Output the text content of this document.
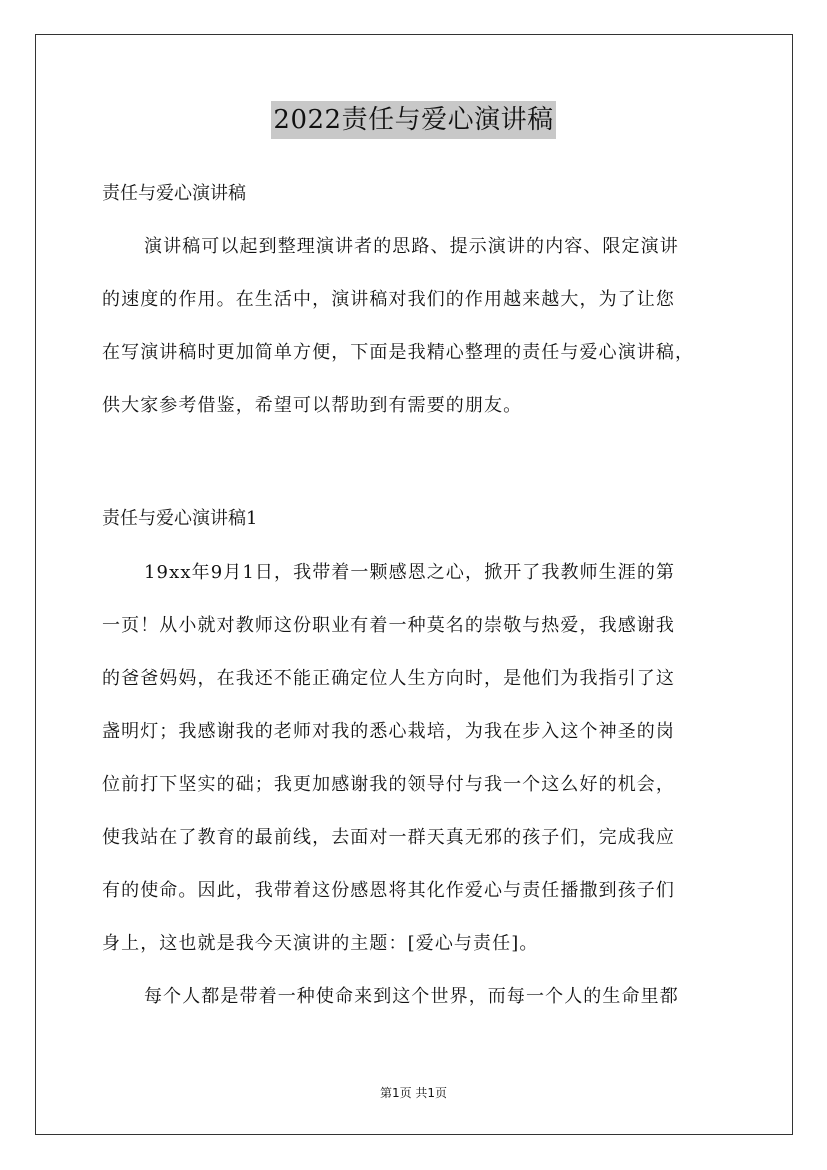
2022责任与爱心演讲稿
责任与爱心演讲稿
演讲稿可以起到整理演讲者的思路、提示演讲的内容、限定演讲
的速度的作用。在生活中，演讲稿对我们的作用越来越大，为了让您
在写演讲稿时更加简单方便，下面是我精心整理的责任与爱心演讲稿，
供大家参考借鉴，希望可以帮助到有需要的朋友。
责任与爱心演讲稿1
19xx年9月1日，我带着一颗感恩之心，掀开了我教师生涯的第
一页！从小就对教师这份职业有着一种莫名的崇敬与热爱，我感谢我
的爸爸妈妈，在我还不能正确定位人生方向时，是他们为我指引了这
盏明灯；我感谢我的老师对我的悉心栽培，为我在步入这个神圣的岗
位前打下坚实的础；我更加感谢我的领导付与我一个这么好的机会，
使我站在了教育的最前线，去面对一群天真无邪的孩子们，完成我应
有的使命。因此，我带着这份感恩将其化作爱心与责任播撒到孩子们
身上，这也就是我今天演讲的主题：[爱心与责任]。
每个人都是带着一种使命来到这个世界，而每一个人的生命里都
第1页 共1页
